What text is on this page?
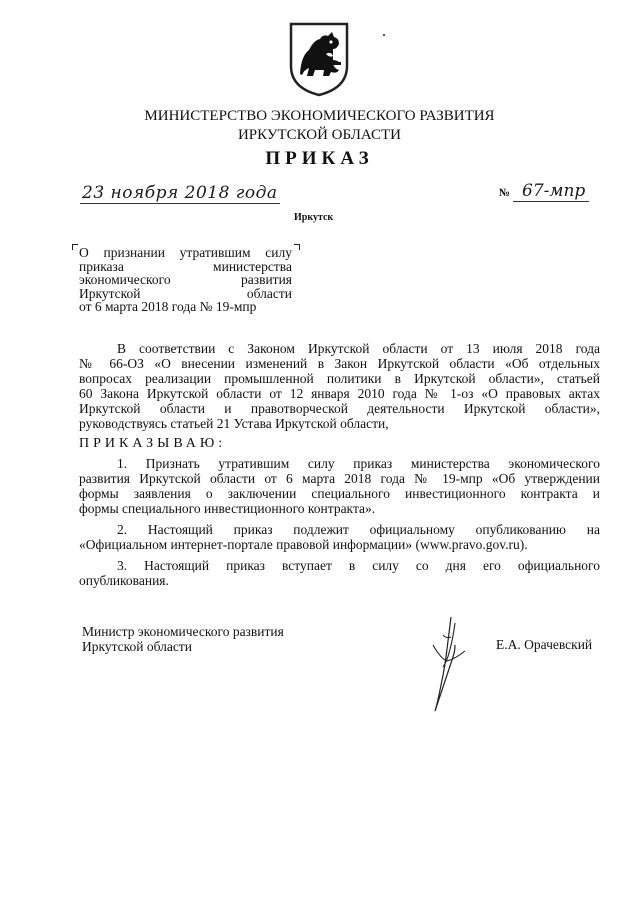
МИНИСТЕРСТВО ЭКОНОМИЧЕСКОГО РАЗВИТИЯ
ИРКУТСКОЙ ОБЛАСТИ
ПРИКАЗ
23 ноября 2018 года	№ 67-мпр
Иркутск
О признании утратившим силу
приказа министерства
экономического развития
Иркутской области
от 6 марта 2018 года № 19-мпр
В соответствии с Законом Иркутской области от 13 июля 2018 года
№ 66-ОЗ «О внесении изменений в Закон Иркутской области «Об отдельных
вопросах реализации промышленной политики в Иркутской области», статьей
60 Закона Иркутской области от 12 января 2010 года № 1-оз «О правовых актах
Иркутской области и правотворческой деятельности Иркутской области»,
руководствуясь статьей 21 Устава Иркутской области,
ПРИКАЗЫВАЮ:
1. Признать утратившим силу приказ министерства экономического
развития Иркутской области от 6 марта 2018 года № 19-мпр «Об утверждении
формы заявления о заключении специального инвестиционного контракта и
формы специального инвестиционного контракта».
2. Настоящий приказ подлежит официальному опубликованию на
«Официальном интернет-портале правовой информации» (www.pravo.gov.ru).
3. Настоящий приказ вступает в силу со дня его официального
опубликования.
Министр экономического развития
Иркутской области	Е.А. Орачевский
